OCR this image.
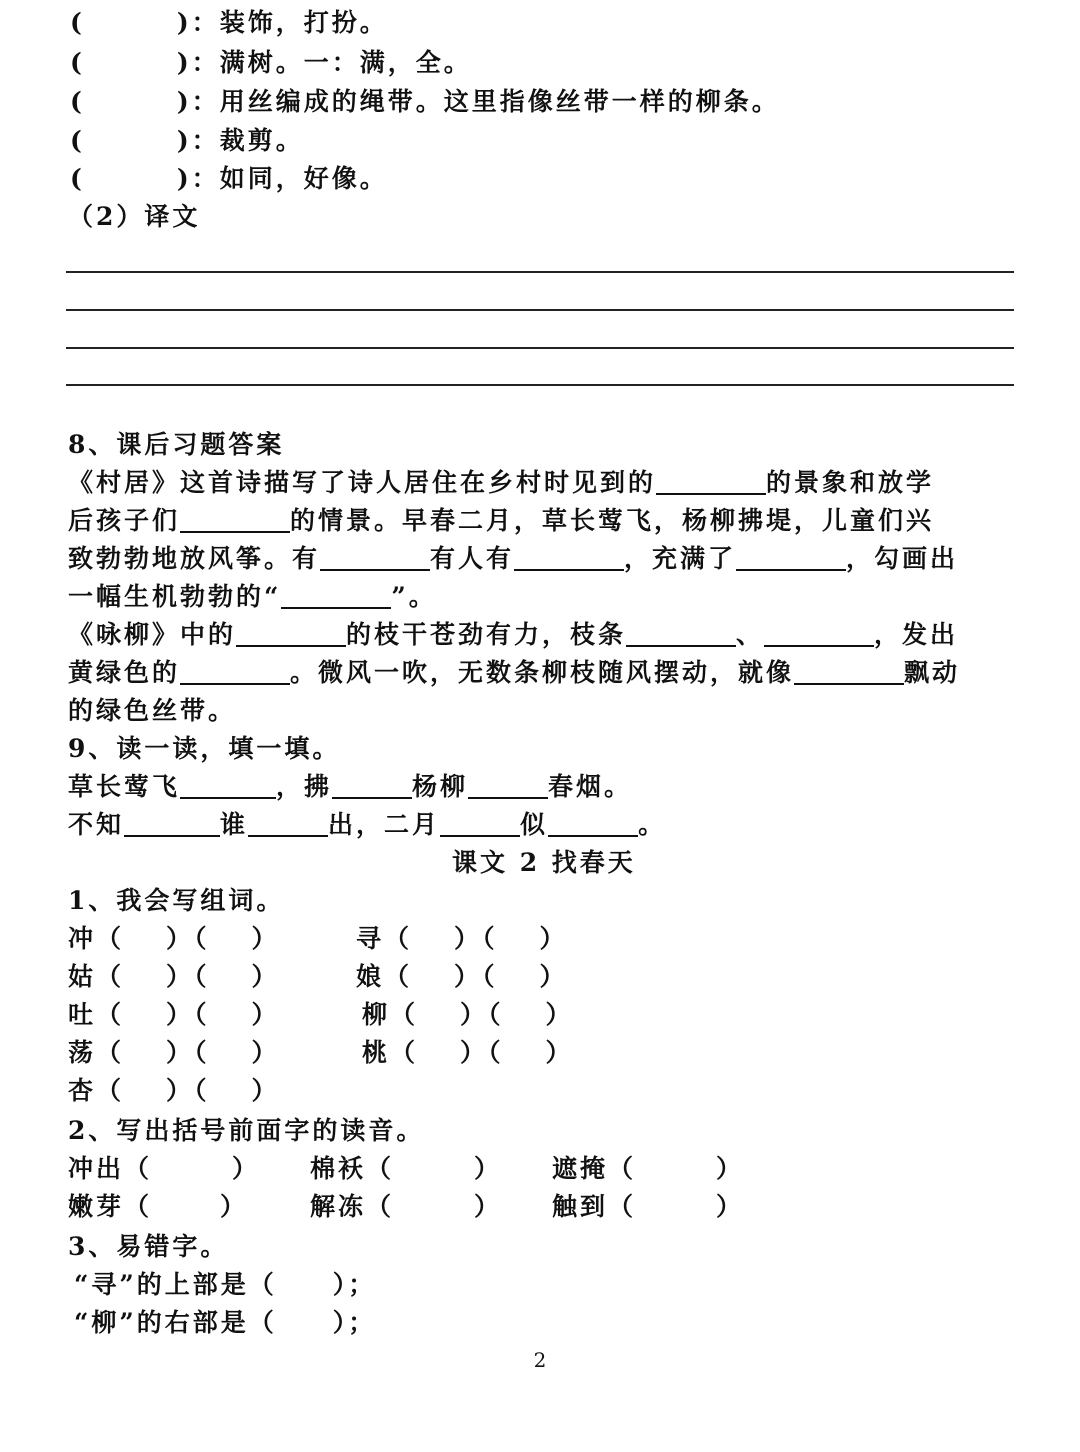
(	)：装饰，打扮。
(	)：满树。一：满，全。
(	)：用丝编成的绳带。这里指像丝带一样的柳条。
(	)：裁剪。
(	)：如同，好像。
（2）译文
8、课后习题答案
《村居》这首诗描写了诗人居住在乡村时见到的	的景象和放学
后孩子们	的情景。早春二月，草长莺飞，杨柳拂堤，儿童们兴
致勃勃地放风筝。有	有人有	，充满了	，勾画出
一幅生机勃勃的“	”。
《咏柳》中的	的枝干苍劲有力，枝条	、	，发出
黄绿色的	。微风一吹，无数条柳枝随风摆动，就像	飘动
的绿色丝带。
9、读一读，填一填。
草长莺飞	，拂	杨柳	春烟。
不知	谁	出，二月	似	。
课文 2 找春天
1、我会写组词。
冲（ ）（ ）	寻（ ）（ ）
姑（ ）（ ）	娘（ ）（ ）
吐（ ）（ ）	柳（ ）（ ）
荡（ ）（ ）	桃（ ）（ ）
杏（ ）（ ）
2、写出括号前面字的读音。
冲出（	） 棉袄（	） 遮掩（	）
嫩芽（	） 解冻（	） 触到（	）
3、易错字。
“寻”的上部是（　　）；
“柳”的右部是（　　）；
2
